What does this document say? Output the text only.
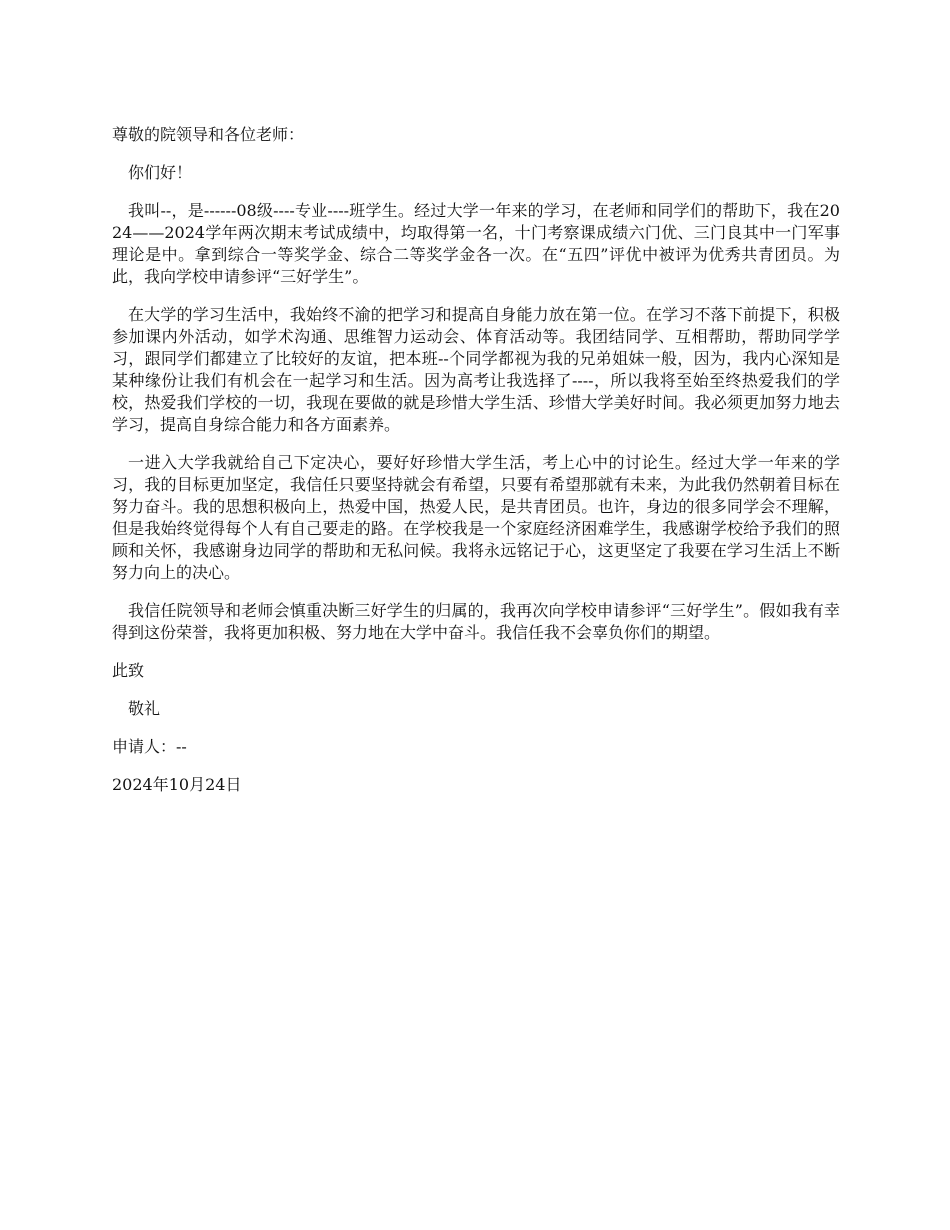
尊敬的院领导和各位老师：

你们好！

我叫--，是------08级----专业----班学生。经过大学一年来的学习，在老师和同学们的帮助下，我在2024——2024学年两次期末考试成绩中，均取得第一名，十门考察课成绩六门优、三门良其中一门军事理论是中。拿到综合一等奖学金、综合二等奖学金各一次。在“五四”评优中被评为优秀共青团员。为此，我向学校申请参评“三好学生”。

在大学的学习生活中，我始终不渝的把学习和提高自身能力放在第一位。在学习不落下前提下，积极参加课内外活动，如学术沟通、思维智力运动会、体育活动等。我团结同学、互相帮助，帮助同学学习，跟同学们都建立了比较好的友谊，把本班--个同学都视为我的兄弟姐妹一般，因为，我内心深知是某种缘份让我们有机会在一起学习和生活。因为高考让我选择了----，所以我将至始至终热爱我们的学校，热爱我们学校的一切，我现在要做的就是珍惜大学生活、珍惜大学美好时间。我必须更加努力地去学习，提高自身综合能力和各方面素养。

一进入大学我就给自己下定决心，要好好珍惜大学生活，考上心中的讨论生。经过大学一年来的学习，我的目标更加坚定，我信任只要坚持就会有希望，只要有希望那就有未来，为此我仍然朝着目标在努力奋斗。我的思想积极向上，热爱中国，热爱人民，是共青团员。也许，身边的很多同学会不理解，但是我始终觉得每个人有自己要走的路。在学校我是一个家庭经济困难学生，我感谢学校给予我们的照顾和关怀，我感谢身边同学的帮助和无私问候。我将永远铭记于心，这更坚定了我要在学习生活上不断努力向上的决心。

我信任院领导和老师会慎重决断三好学生的归属的，我再次向学校申请参评“三好学生”。假如我有幸得到这份荣誉，我将更加积极、努力地在大学中奋斗。我信任我不会辜负你们的期望。

此致

敬礼

申请人：--

2024年10月24日
